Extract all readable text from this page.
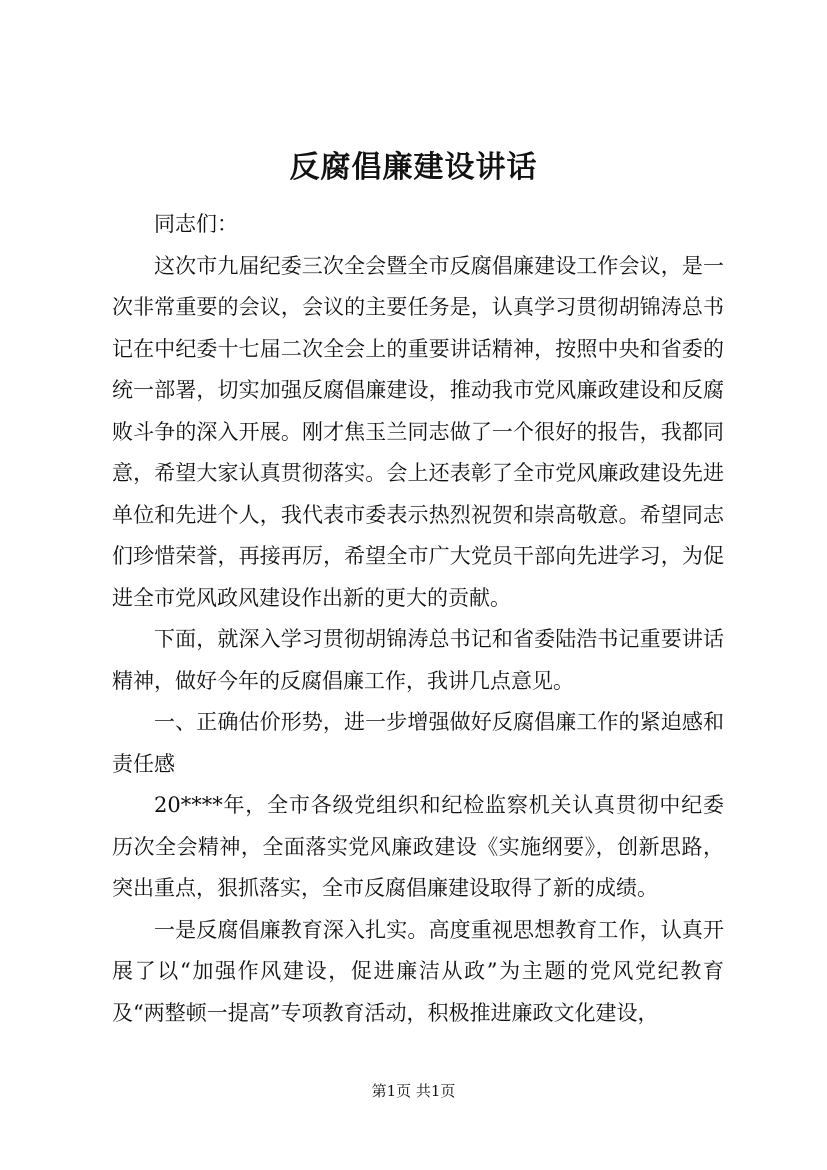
反腐倡廉建设讲话

同志们：

这次市九届纪委三次全会暨全市反腐倡廉建设工作会议，是一次非常重要的会议，会议的主要任务是，认真学习贯彻胡锦涛总书记在中纪委十七届二次全会上的重要讲话精神，按照中央和省委的统一部署，切实加强反腐倡廉建设，推动我市党风廉政建设和反腐败斗争的深入开展。刚才焦玉兰同志做了一个很好的报告，我都同意，希望大家认真贯彻落实。会上还表彰了全市党风廉政建设先进单位和先进个人，我代表市委表示热烈祝贺和崇高敬意。希望同志们珍惜荣誉，再接再厉，希望全市广大党员干部向先进学习，为促进全市党风政风建设作出新的更大的贡献。

下面，就深入学习贯彻胡锦涛总书记和省委陆浩书记重要讲话精神，做好今年的反腐倡廉工作，我讲几点意见。

一、正确估价形势，进一步增强做好反腐倡廉工作的紧迫感和责任感

20****年，全市各级党组织和纪检监察机关认真贯彻中纪委历次全会精神，全面落实党风廉政建设《实施纲要》，创新思路，突出重点，狠抓落实，全市反腐倡廉建设取得了新的成绩。

一是反腐倡廉教育深入扎实。高度重视思想教育工作，认真开展了以“加强作风建设，促进廉洁从政”为主题的党风党纪教育及“两整顿一提高”专项教育活动，积极推进廉政文化建设，

第1页 共1页
